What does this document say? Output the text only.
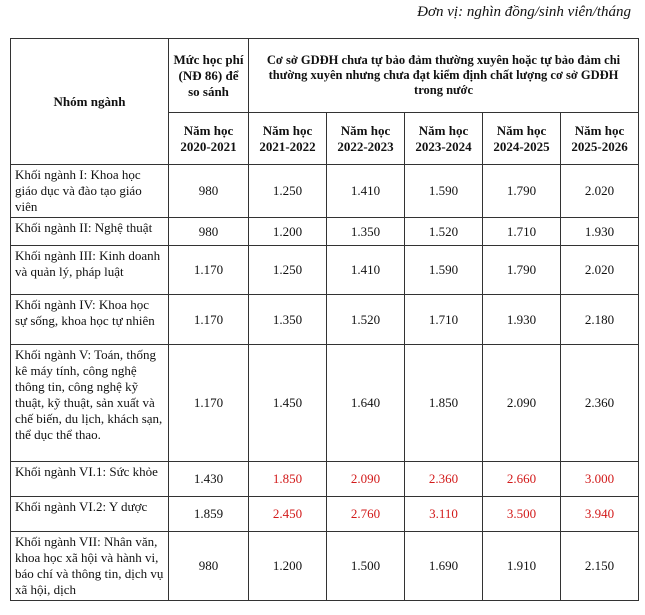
Đơn vị: nghìn đồng/sinh viên/tháng
Nhóm ngành	Mức học phí (NĐ 86) để so sánh	Cơ sở GDĐH chưa tự bảo đảm thường xuyên hoặc tự bảo đảm chi thường xuyên nhưng chưa đạt kiểm định chất lượng cơ sở GDĐH trong nước				
	Năm học 2020-2021	Năm học 2021-2022	Năm học 2022-2023	Năm học 2023-2024	Năm học 2024-2025	Năm học 2025-2026
Khối ngành I: Khoa học giáo dục và đào tạo giáo viên	980	1.250	1.410	1.590	1.790	2.020
Khối ngành II: Nghệ thuật	980	1.200	1.350	1.520	1.710	1.930
Khối ngành III: Kinh doanh và quản lý, pháp luật	1.170	1.250	1.410	1.590	1.790	2.020
Khối ngành IV: Khoa học sự sống, khoa học tự nhiên	1.170	1.350	1.520	1.710	1.930	2.180
Khối ngành V: Toán, thống kê máy tính, công nghệ thông tin, công nghệ kỹ thuật, kỹ thuật, sản xuất và chế biến, du lịch, khách sạn, thể dục thể thao.	1.170	1.450	1.640	1.850	2.090	2.360
Khối ngành VI.1: Sức khỏe	1.430	1.850	2.090	2.360	2.660	3.000
Khối ngành VI.2: Y dược	1.859	2.450	2.760	3.110	3.500	3.940
Khối ngành VII: Nhân văn, khoa học xã hội và hành vi, báo chí và thông tin, dịch vụ xã hội, dịch	980	1.200	1.500	1.690	1.910	2.150
